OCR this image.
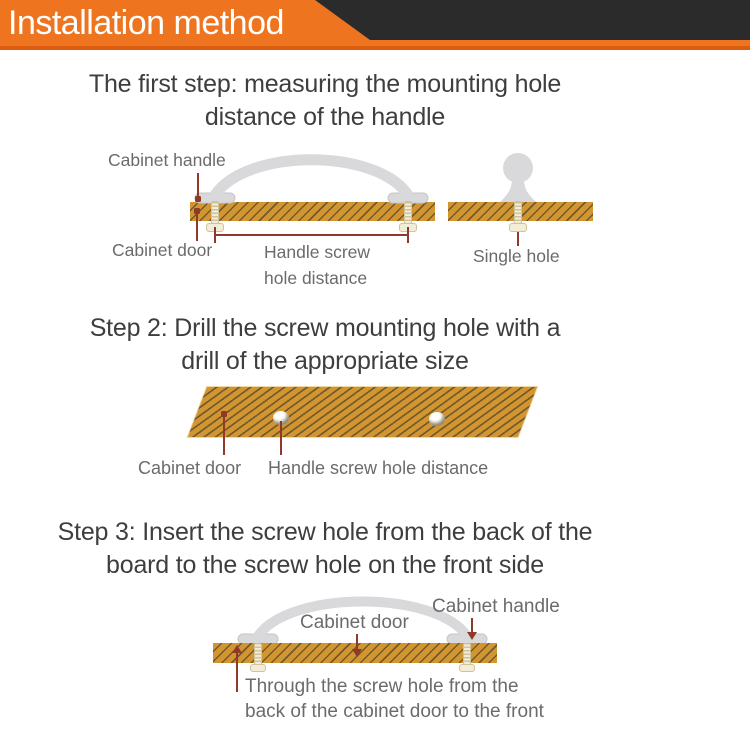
Installation method
The first step: measuring the mounting hole
distance of the handle
Cabinet handle
Cabinet door	Handle screw
hole distance
Single hole
Step 2: Drill the screw mounting hole with a
drill of the appropriate size
Cabinet door Handle screw hole distance
Step 3: Insert the screw hole from the back of the
board to the screw hole on the front side
Cabinet door
Cabinet handle
Through the screw hole from the
back of the cabinet door to the front
